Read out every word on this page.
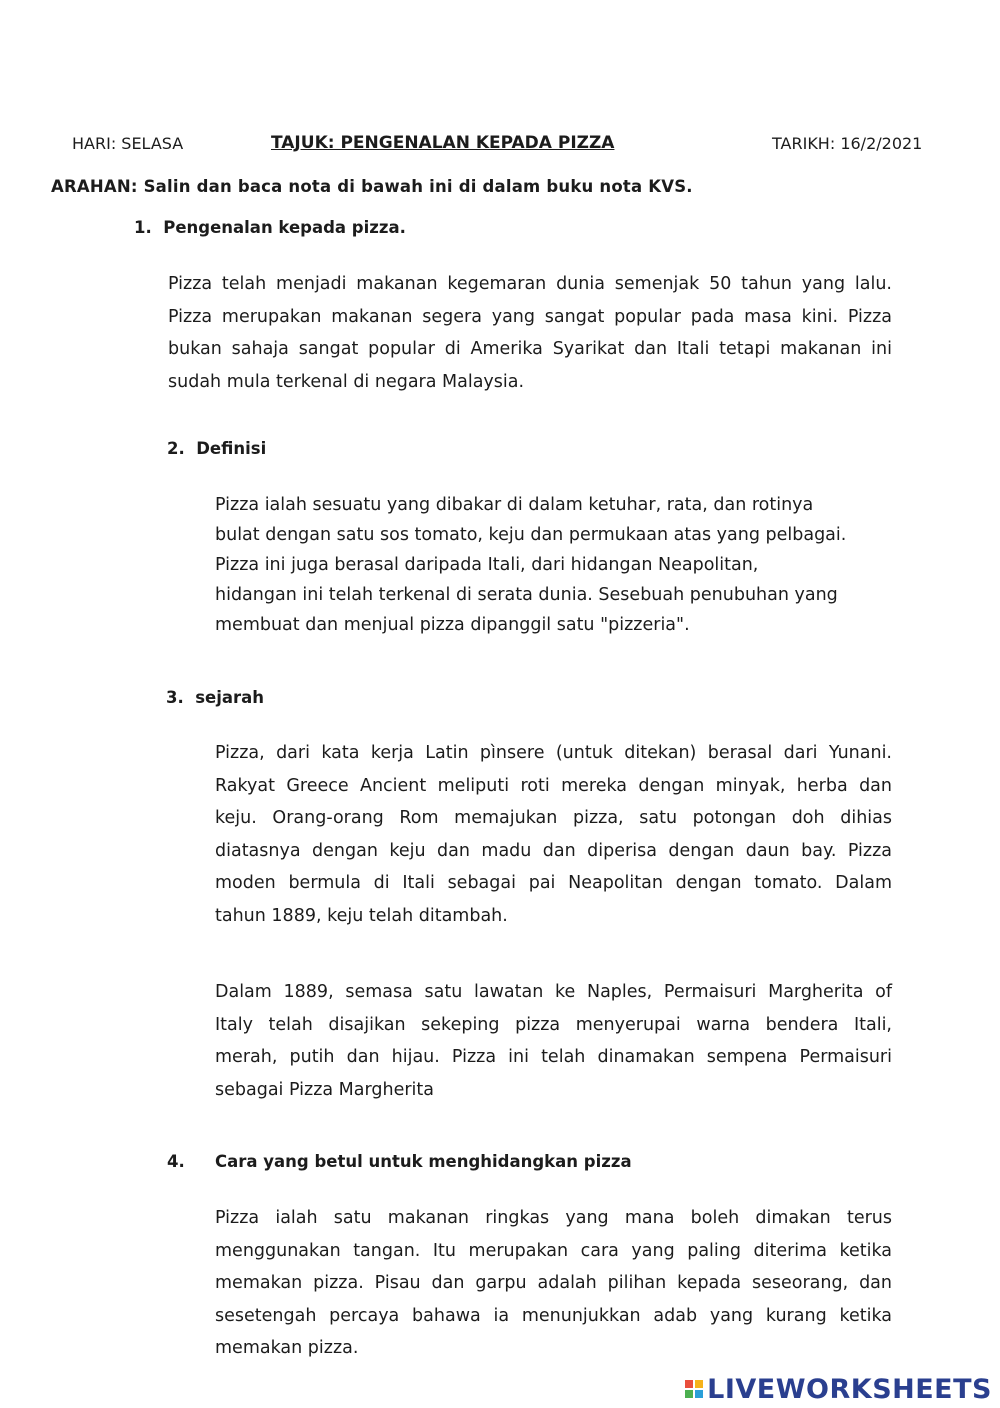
HARI: SELASA	TAJUK: PENGENALAN KEPADA PIZZA	TARIKH: 16/2/2021
ARAHAN: Salin dan baca nota di bawah ini di dalam buku nota KVS.
1.  Pengenalan kepada pizza.

Pizza telah menjadi makanan kegemaran dunia semenjak 50 tahun yang lalu.

Pizza merupakan makanan segera yang sangat popular pada masa kini. Pizza

bukan sahaja sangat popular di Amerika Syarikat dan Itali tetapi makanan ini

sudah mula terkenal di negara Malaysia.

2.  Definisi

Pizza ialah sesuatu yang dibakar di dalam ketuhar, rata, dan rotinya

bulat dengan satu sos tomato, keju dan permukaan atas yang pelbagai.

Pizza ini juga berasal daripada Itali, dari hidangan Neapolitan,

hidangan ini telah terkenal di serata dunia. Sesebuah penubuhan yang

membuat dan menjual pizza dipanggil satu "pizzeria".

3.  sejarah

Pizza, dari kata kerja Latin pìnsere (untuk ditekan) berasal dari Yunani.

Rakyat Greece Ancient meliputi roti mereka dengan minyak, herba dan

keju. Orang-orang Rom memajukan pizza, satu potongan doh dihias

diatasnya dengan keju dan madu dan diperisa dengan daun bay. Pizza

moden bermula di Itali sebagai pai Neapolitan dengan tomato. Dalam

tahun 1889, keju telah ditambah.

Dalam 1889, semasa satu lawatan ke Naples, Permaisuri Margherita of

Italy telah disajikan sekeping pizza menyerupai warna bendera Itali,

merah, putih dan hijau. Pizza ini telah dinamakan sempena Permaisuri

sebagai Pizza Margherita

4. Cara yang betul untuk menghidangkan pizza

Pizza ialah satu makanan ringkas yang mana boleh dimakan terus

menggunakan tangan. Itu merupakan cara yang paling diterima ketika

memakan pizza. Pisau dan garpu adalah pilihan kepada seseorang, dan

sesetengah percaya bahawa ia menunjukkan adab yang kurang ketika

memakan pizza.

LIVEWORKSHEETS
